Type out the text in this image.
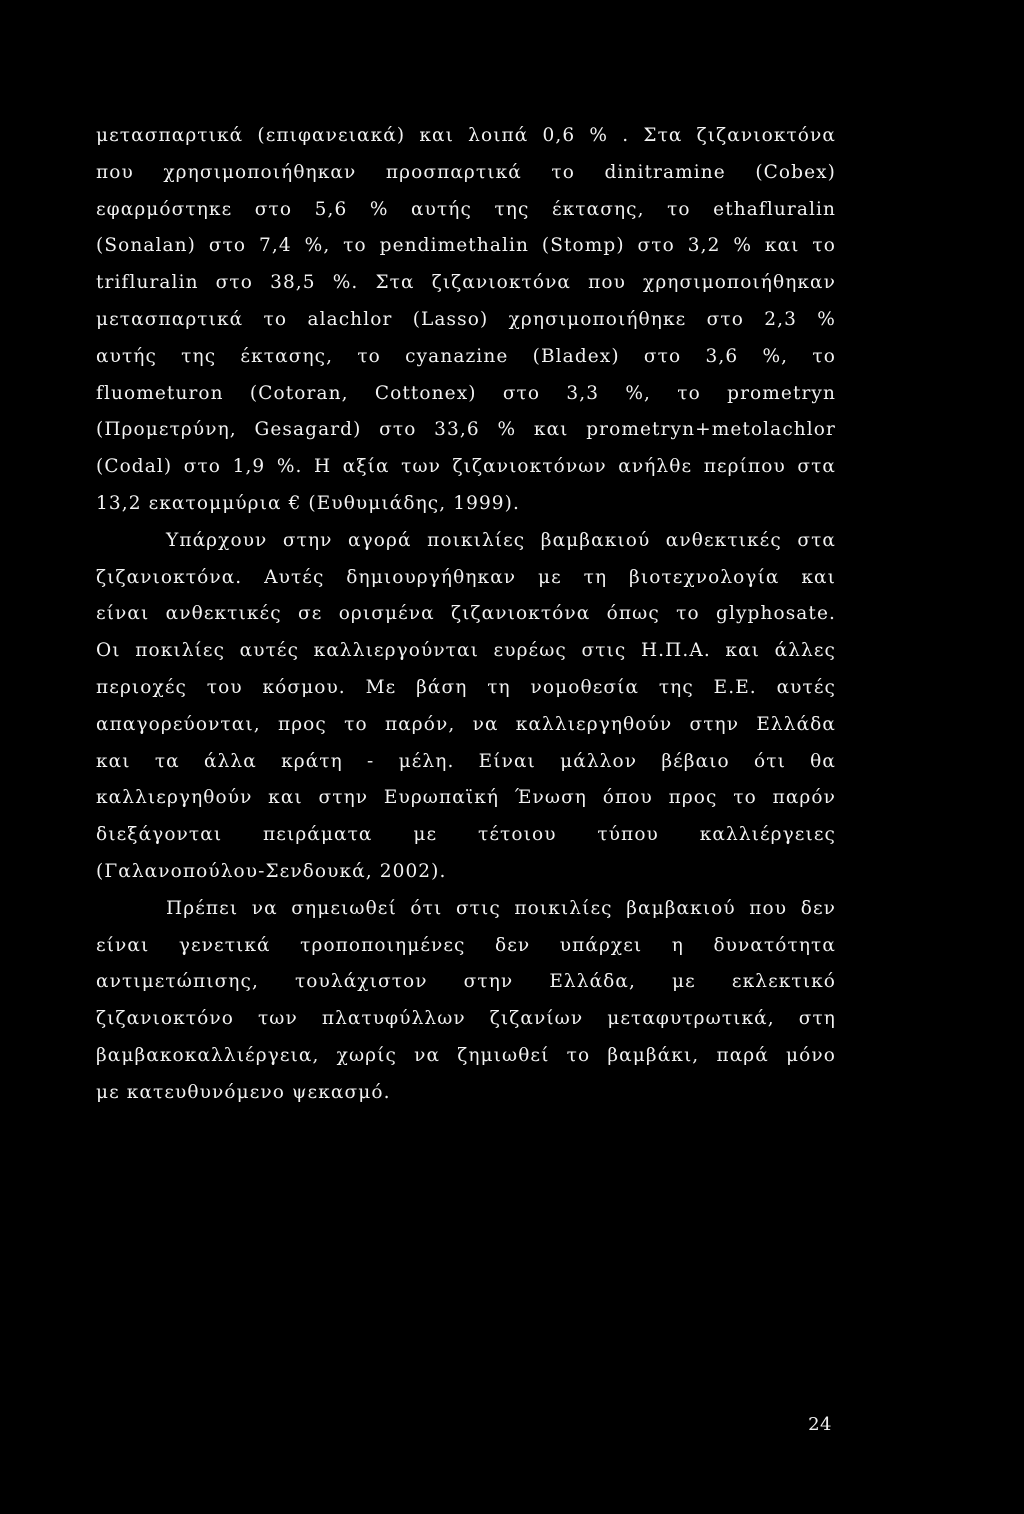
μετασπαρτικά (επιφανειακά) και λοιπά 0,6 % . Στα ζιζανιοκτόνα
που χρησιμοποιήθηκαν προσπαρτικά το dinitramine (Cobex)
εφαρμόστηκε στο 5,6 % αυτής της έκτασης, το ethafluralin
(Sonalan) στο 7,4 %, το pendimethalin (Stomp) στο 3,2 % και το
trifluralin στο 38,5 %. Στα ζιζανιοκτόνα που χρησιμοποιήθηκαν
μετασπαρτικά το alachlor (Lasso) χρησιμοποιήθηκε στο 2,3 %
αυτής της έκτασης, το cyanazine (Bladex) στο 3,6 %, το
fluometuron (Cotoran, Cottonex) στο 3,3 %, το prometryn
(Προμετρύνη, Gesagard) στο 33,6 % και prometryn+metolachlor
(Codal) στο 1,9 %. Η αξία των ζιζανιοκτόνων ανήλθε περίπου στα
13,2 εκατομμύρια € (Ευθυμιάδης, 1999).
Υπάρχουν στην αγορά ποικιλίες βαμβακιού ανθεκτικές στα
ζιζανιοκτόνα. Αυτές δημιουργήθηκαν με τη βιοτεχνολογία και
είναι ανθεκτικές σε ορισμένα ζιζανιοκτόνα όπως το glyphosate.
Οι ποκιλίες αυτές καλλιεργούνται ευρέως στις Η.Π.Α. και άλλες
περιοχές του κόσμου. Με βάση τη νομοθεσία της Ε.Ε. αυτές
απαγορεύονται, προς το παρόν, να καλλιεργηθούν στην Ελλάδα
και τα άλλα κράτη - μέλη. Είναι μάλλον βέβαιο ότι θα
καλλιεργηθούν και στην Ευρωπαϊκή Ένωση όπου προς το παρόν
διεξάγονται πειράματα με τέτοιου τύπου καλλιέργειες
(Γαλανοπούλου-Σενδουκά, 2002).
Πρέπει να σημειωθεί ότι στις ποικιλίες βαμβακιού που δεν
είναι γενετικά τροποποιημένες δεν υπάρχει η δυνατότητα
αντιμετώπισης, τουλάχιστον στην Ελλάδα, με εκλεκτικό
ζιζανιοκτόνο των πλατυφύλλων ζιζανίων μεταφυτρωτικά, στη
βαμβακοκαλλιέργεια, χωρίς να ζημιωθεί το βαμβάκι, παρά μόνο
με κατευθυνόμενο ψεκασμό.
24
